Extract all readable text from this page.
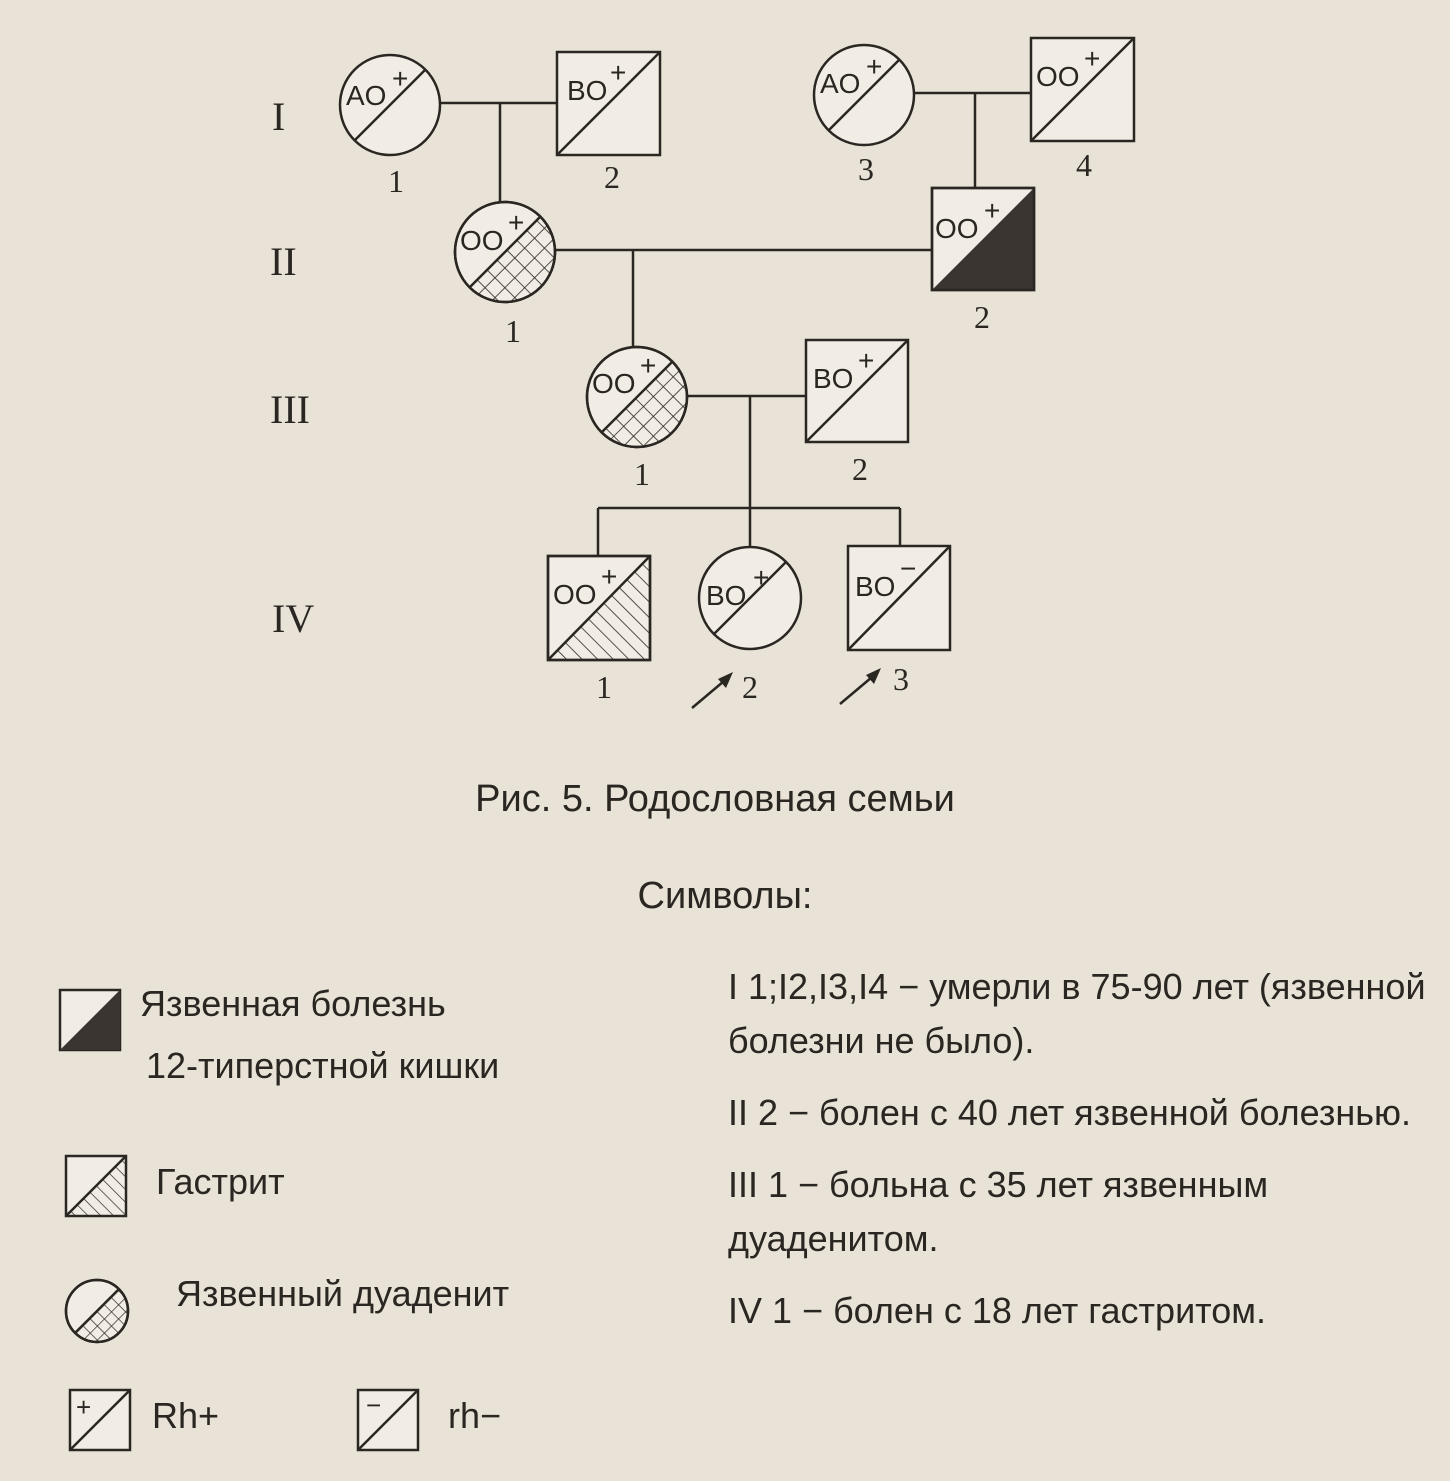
I
II
III
IV
AO
+
1
BO
+
2
AO
+
3
OO
+
4
OO
+
1
OO
+
2
OO
+
1
BO
+
2
OO
+
1
BO
+
2
BO
−
3
Рис. 5. Родословная семьи
Символы:
Язвенная болезнь
12-типерстной кишки
Гастрит
Язвенный дуаденит
+ Rh+	− rh−

I 1;I2,I3,I4 − умерли в 75-90 лет (язвенной болезни не было).

II 2 − болен с 40 лет язвенной болезнью.

III 1 − больна с 35 лет язвенным дуаденитом.

IV 1 − болен с 18 лет гастритом.
